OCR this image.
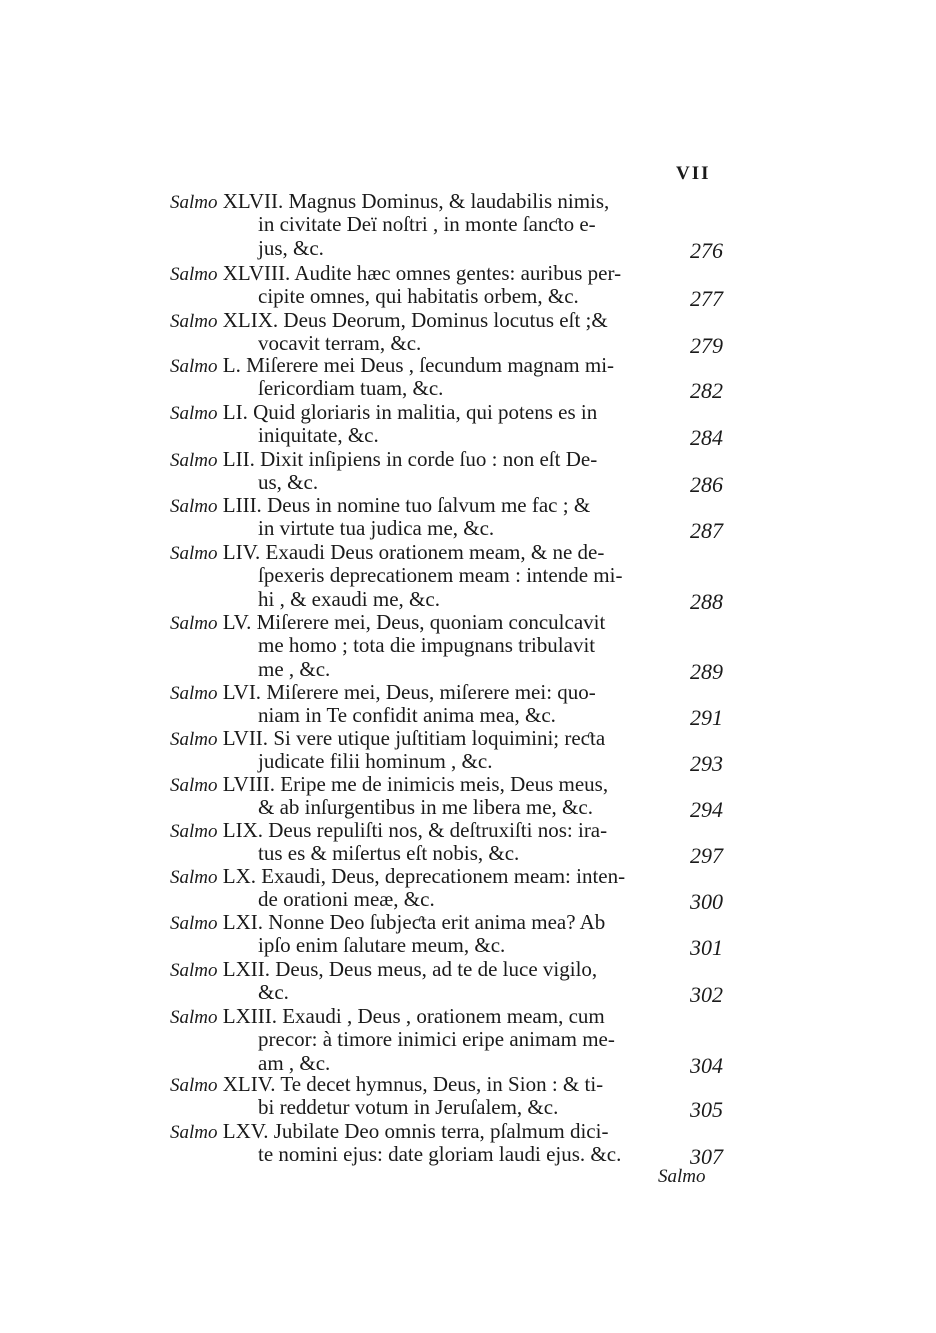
VII
Salmo XLVII. Magnus Dominus, & laudabilis nimis,
in civitate Deï noſtri , in monte ſanƈto e-
jus, &c.	276
Salmo XLVIII. Audite hæc omnes gentes: auribus per-
cipite omnes, qui habitatis orbem, &c.	277
Salmo XLIX. Deus Deorum, Dominus locutus eſt ;&
vocavit terram, &c.	279
Salmo L. Miſerere mei Deus , ſecundum magnam mi-
ſericordiam tuam, &c.	282
Salmo LI. Quid gloriaris in malitia, qui potens es in
iniquitate, &c.	284
Salmo LII. Dixit inſipiens in corde ſuo : non eſt De-
us, &c.	286
Salmo LIII. Deus in nomine tuo ſalvum me fac ; &
in virtute tua judica me, &c.	287
Salmo LIV. Exaudi Deus orationem meam, & ne de-
ſpexeris deprecationem meam : intende mi-
hi , & exaudi me, &c.	288
Salmo LV. Miſerere mei, Deus, quoniam conculcavit
me homo ; tota die impugnans tribulavit
me , &c.	289
Salmo LVI. Miſerere mei, Deus, miſerere mei: quo-
niam in Te confidit anima mea, &c.	291
Salmo LVII. Si vere utique juſtitiam loquimini; reƈta
judicate filii hominum , &c.	293
Salmo LVIII. Eripe me de inimicis meis, Deus meus,
& ab inſurgentibus in me libera me, &c.	294
Salmo LIX. Deus repuliſti nos, & deſtruxiſti nos: ira-
tus es & miſertus eſt nobis, &c.	297
Salmo LX. Exaudi, Deus, deprecationem meam: inten-
de orationi meæ, &c.	300
Salmo LXI. Nonne Deo ſubjeƈta erit anima mea? Ab
ipſo enim ſalutare meum, &c.	301
Salmo LXII. Deus, Deus meus, ad te de luce vigilo,
&c.	302
Salmo LXIII. Exaudi , Deus , orationem meam, cum
precor: à timore inimici eripe animam me-
am , &c.	304
Salmo XLIV. Te decet hymnus, Deus, in Sion : & ti-
bi reddetur votum in Jeruſalem, &c.	305
Salmo LXV. Jubilate Deo omnis terra, pſalmum dici-
te nomini ejus: date gloriam laudi ejus. &c.	307
Salmo
